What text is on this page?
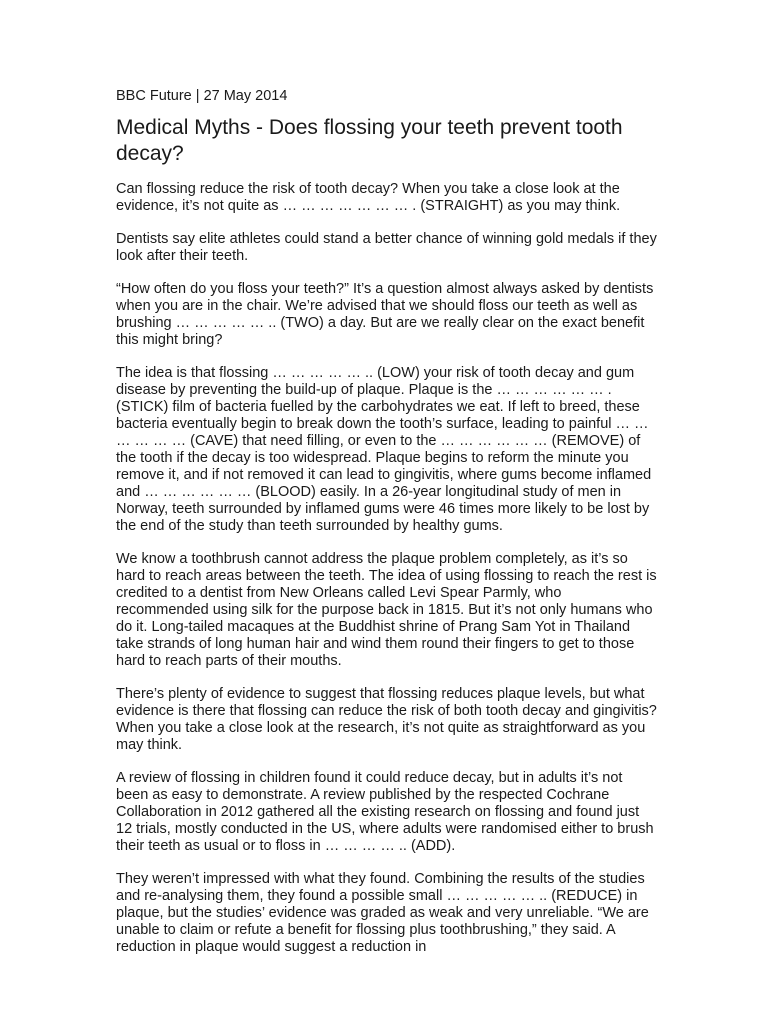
BBC Future | 27 May 2014
Medical Myths - Does flossing your teeth prevent tooth decay?

Can flossing reduce the risk of tooth decay? When you take a close look at the evidence, it’s not quite as … … … … … … … . (STRAIGHT) as you may think.

Dentists say elite athletes could stand a better chance of winning gold medals if they look after their teeth.

“How often do you floss your teeth?” It’s a question almost always asked by dentists when you are in the chair. We’re advised that we should floss our teeth as well as brushing … … … … … .. (TWO) a day. But are we really clear on the exact benefit this might bring?

The idea is that flossing … … … … … .. (LOW) your risk of tooth decay and gum disease by preventing the build-up of plaque. Plaque is the … … … … … … . (STICK) film of bacteria fuelled by the carbohydrates we eat. If left to breed, these bacteria eventually begin to break down the tooth’s surface, leading to painful … … … … … … (CAVE) that need filling, or even to the … … … … … … (REMOVE) of the tooth if the decay is too widespread. Plaque begins to reform the minute you remove it, and if not removed it can lead to gingivitis, where gums become inflamed and … … … … … … (BLOOD) easily. In a 26-year longitudinal study of men in Norway, teeth surrounded by inflamed gums were 46 times more likely to be lost by the end of the study than teeth surrounded by healthy gums.

We know a toothbrush cannot address the plaque problem completely, as it’s so hard to reach areas between the teeth. The idea of using flossing to reach the rest is credited to a dentist from New Orleans called Levi Spear Parmly, who recommended using silk for the purpose back in 1815. But it’s not only humans who do it. Long-tailed macaques at the Buddhist shrine of Prang Sam Yot in Thailand take strands of long human hair and wind them round their fingers to get to those hard to reach parts of their mouths.

There’s plenty of evidence to suggest that flossing reduces plaque levels, but what evidence is there that flossing can reduce the risk of both tooth decay and gingivitis? When you take a close look at the research, it’s not quite as straightforward as you may think.

A review of flossing in children found it could reduce decay, but in adults it’s not been as easy to demonstrate. A review published by the respected Cochrane Collaboration in 2012 gathered all the existing research on flossing and found just 12 trials, mostly conducted in the US, where adults were randomised either to brush their teeth as usual or to floss in … … … … .. (ADD).

They weren’t impressed with what they found. Combining the results of the studies and re-analysing them, they found a possible small … … … … … .. (REDUCE) in plaque, but the studies’ evidence was graded as weak and very unreliable. “We are unable to claim or refute a benefit for flossing plus toothbrushing,” they said. A reduction in plaque would suggest a reduction in
